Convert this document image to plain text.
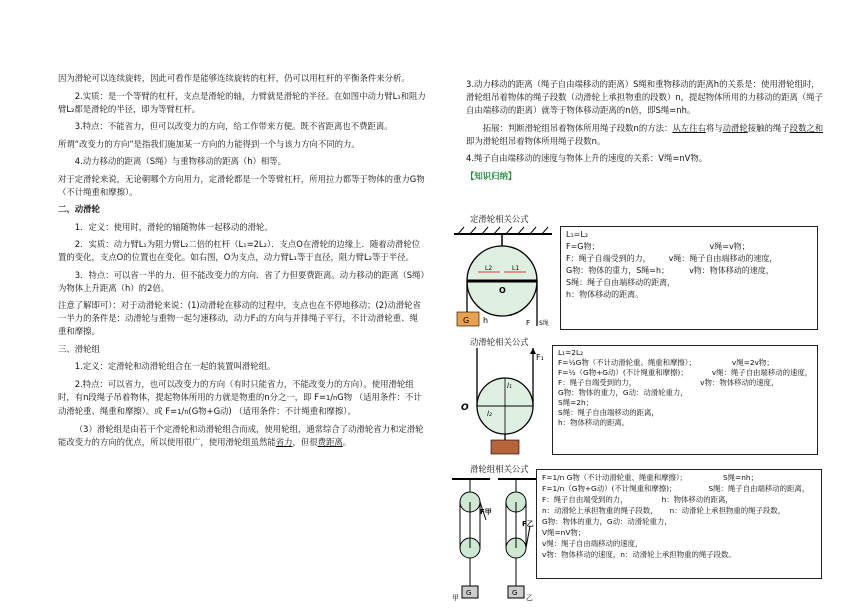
因为滑轮可以连续旋转，因此可看作是能够连续旋转的杠杆，仍可以用杠杆的平衡条件来分析。

2.实质：是一个等臂的杠杆，支点是滑轮的轴，力臂就是滑轮的半径。在如图中动力臂L₁和阻力臂L₂都是滑轮的半径，即为等臂杠杆。

3.特点：不能省力，但可以改变力的方向，给工作带来方便。既不省距离也不费距离。

所谓“改变力的方向”是指我们施加某一方向的力能得到一个与该力方向不同的力。

4.动力移动的距离（S绳）与重物移动的距离（h）相等。

对于定滑轮来说，无论朝哪个方向用力，定滑轮都是一个等臂杠杆，所用拉力都等于物体的重力G物（不计绳重和摩擦）。

二、动滑轮

1．定义：使用时，滑轮的轴随物体一起移动的滑轮。

2．实质：动力臂L₁为阻力臂L₂二倍的杠杆（L₁=2L₂）．支点O在滑轮的边缘上．随着动滑轮位置的变化，支点O的位置也在变化。如右图，O为支点，动力臂L₁等于直径，阻力臂L₂等于半径。

3．特点：可以省一半的力．但不能改变力的方向．省了力但要费距离。动力移动的距离（S绳）为物体上升距离（h）的2倍。

注意了解即可）：对于动滑轮来说：(1)动滑轮在移动的过程中，支点也在不停地移动；(2)动滑轮省一半力的条件是：动滑轮与重物一起匀速移动，动力F₁的方向与并排绳子平行，不计动滑轮重、绳重和摩擦。

三、滑轮组

1.定义：定滑轮和动滑轮组合在一起的装置叫滑轮组。

2.特点：可以省力，也可以改变力的方向（有时只能省力，不能改变力的方向）。使用滑轮组时，有n段绳子吊着物体，提起物体所用的力就是物重的n分之一，即 F=1/nG物 （适用条件：不计动滑轮重、绳重和摩擦）。或 F=1/n(G物+G动) （适用条件：不计绳重和摩擦）。

（3）滑轮组是由若干个定滑轮和动滑轮组合而成，使用轮组，通常综合了动滑轮省力和定滑轮能改变力的方向的优点，所以使用很广，使用滑轮组虽然能省力，但很费距离。

3.动力移动的距离（绳子自由端移动的距离）S绳和重物移动的距离h的关系是：使用滑轮组时，滑轮组吊着物体的绳子段数（动滑轮上承担物重的段数）n，提起物体所用的力移动的距离（绳子自由端移动的距离）就等于物体移动距离的n倍，即S绳=nh。

拓展：判断滑轮组吊着物体所用绳子段数n的方法：从左往右将与动滑轮接触的绳子段数之和即为滑轮组吊着物体所用绳子段数n。

4.绳子自由端移动的速度与物体上升的速度的关系：V绳=nV物。

【知识归纳】

定滑轮相关公式
动滑轮相关公式
滑轮组相关公式
L2	L1
O
G h	F S绳
L₁=L₂
F=G物；	v绳=v物；
F：绳子自端受到的力， v绳：绳子自由端移动的速度，
G物：物体的重力，S绳=h；	v物：物体移动的速度，
S绳：绳子自由端移动的距离，
h：物体移动的距离。
F₁
l₁
l₂
O
L₁=2L₂
F=½G物（不计动滑轮重、绳重和摩擦）；	v绳=2v物；
F=½（G物+G动）(不计绳重和摩擦)；	v绳：绳子自由端移动的速度，
F：绳子自端受到的力，	v物：物体移动的速度，
G物：物体的重力，G动：动滑轮重力，
S绳=2h；
S绳：绳子自由端移动的距离，
h：物体移动的距离。
F甲
G
甲
F乙
G
乙
F=1/n G物（不计动滑轮重、绳重和摩擦）；	S绳=nh；
F=1/n（G物+G动）(不计绳重和摩擦)；	S绳：绳子自由端移动的距离，
F：绳子自由端受到的力，	h：物体移动的距离，
n：动滑轮上承担物重的绳子段数， n：动滑轮上承担物重的绳子段数，
G物：物体的重力，G动：动滑轮重力，
V绳=nV物；
v绳：绳子自由端移动的速度，
v物：物体移动的速度，n：动滑轮上承担物重的绳子段数。
